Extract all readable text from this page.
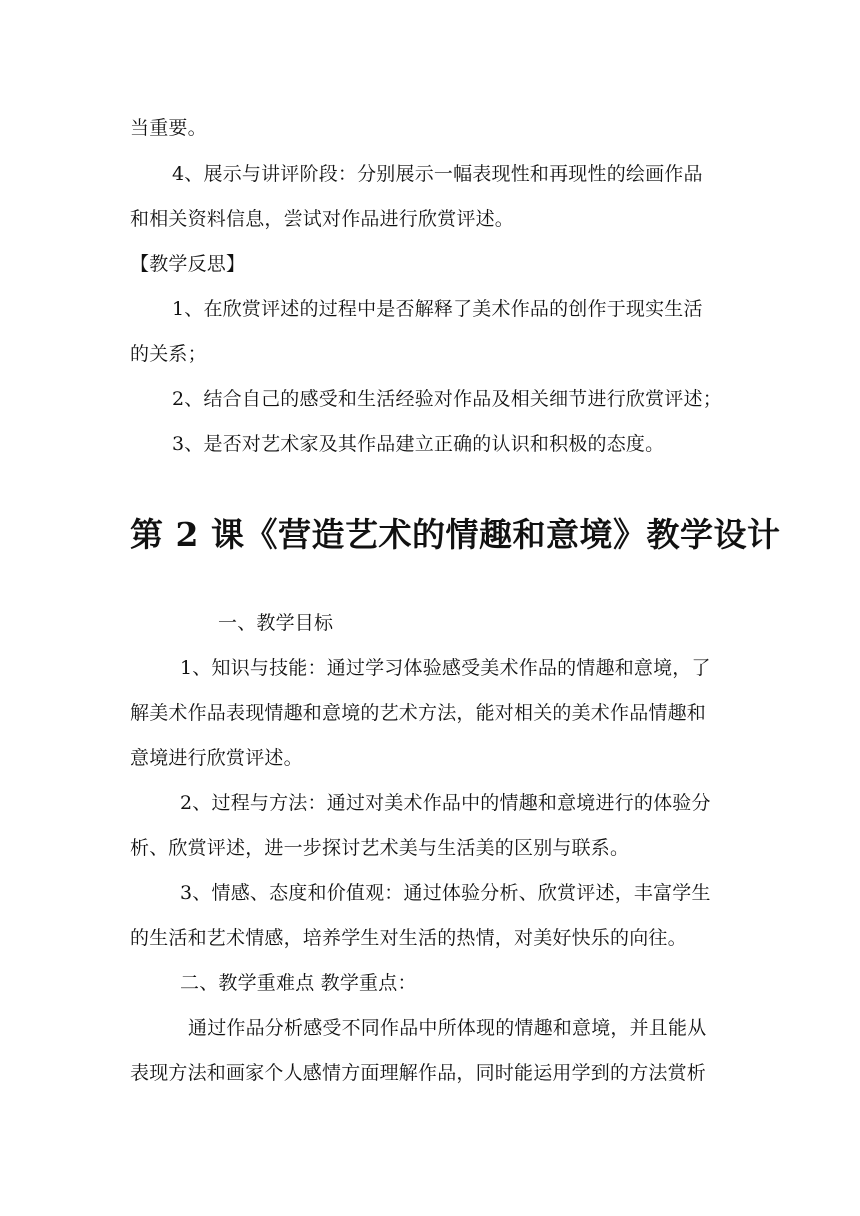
当重要。
4、展示与讲评阶段：分别展示一幅表现性和再现性的绘画作品
和相关资料信息，尝试对作品进行欣赏评述。
【教学反思】
1、在欣赏评述的过程中是否解释了美术作品的创作于现实生活
的关系；
2、结合自己的感受和生活经验对作品及相关细节进行欣赏评述；
3、是否对艺术家及其作品建立正确的认识和积极的态度。
第 2 课《营造艺术的情趣和意境》教学设计
一、教学目标
1、知识与技能：通过学习体验感受美术作品的情趣和意境，了
解美术作品表现情趣和意境的艺术方法，能对相关的美术作品情趣和
意境进行欣赏评述。
2、过程与方法：通过对美术作品中的情趣和意境进行的体验分
析、欣赏评述，进一步探讨艺术美与生活美的区别与联系。
3、情感、态度和价值观：通过体验分析、欣赏评述，丰富学生
的生活和艺术情感，培养学生对生活的热情，对美好快乐的向往。
二、教学重难点 教学重点：
通过作品分析感受不同作品中所体现的情趣和意境，并且能从
表现方法和画家个人感情方面理解作品，同时能运用学到的方法赏析
